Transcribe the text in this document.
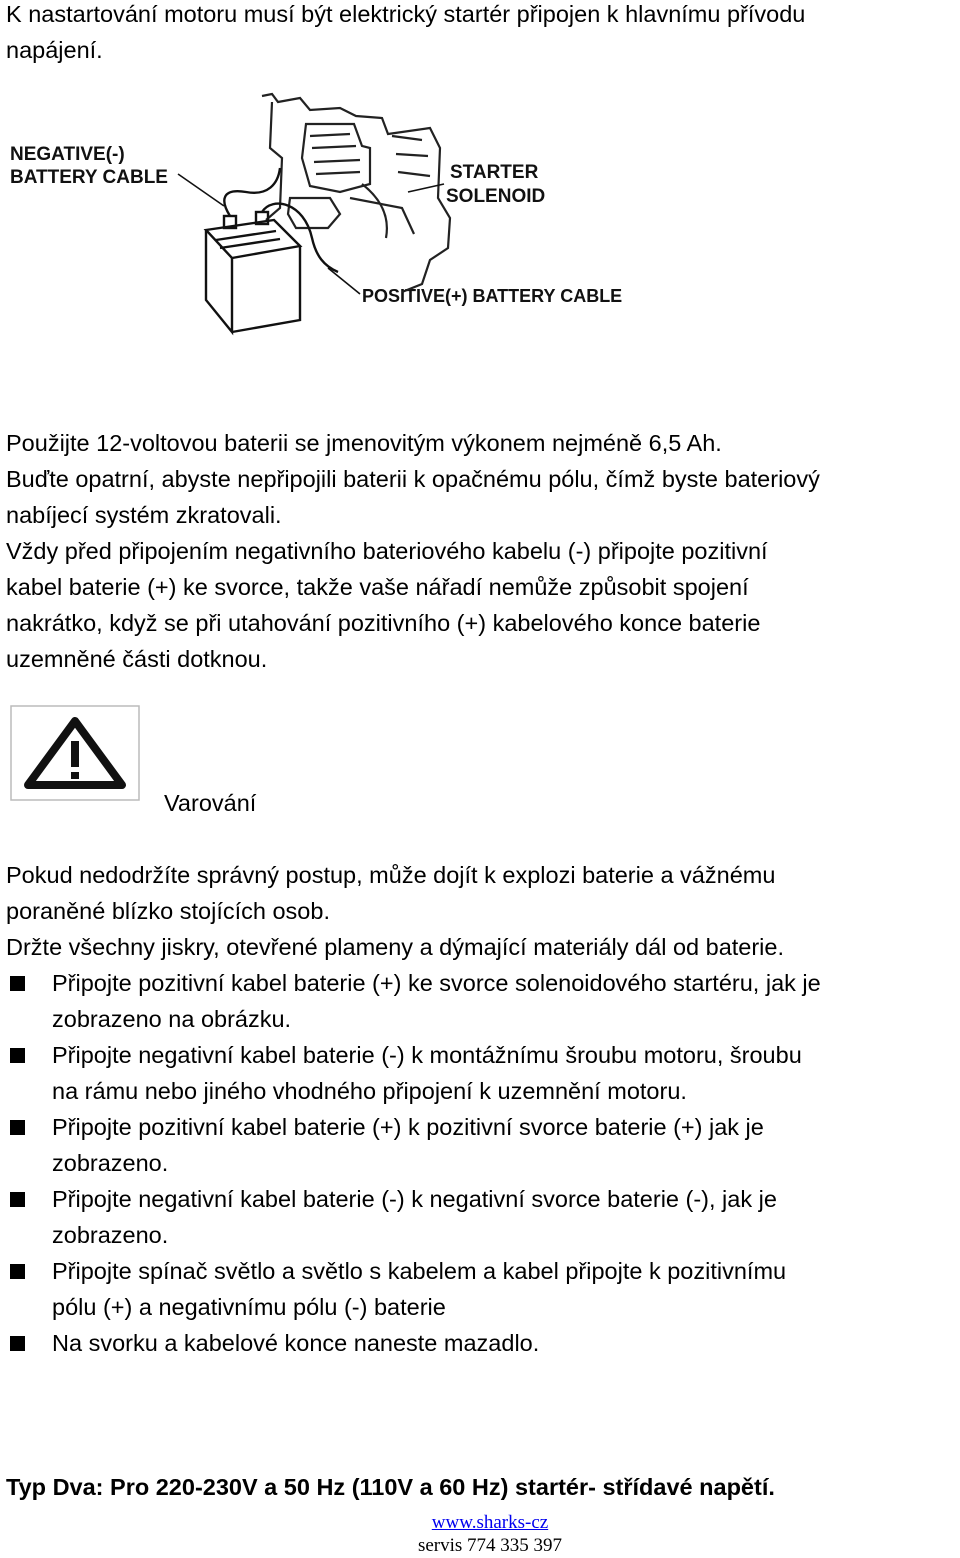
K nastartování motoru musí být elektrický startér připojen k hlavnímu přívodu
napájení.
NEGATIVE(-)
BATTERY CABLE	STARTER
SOLENOID
POSITIVE(+) BATTERY CABLE
Použijte 12-voltovou baterii se jmenovitým výkonem nejméně 6,5 Ah.
Buďte opatrní, abyste nepřipojili baterii k opačnému pólu, čímž byste bateriový
nabíjecí systém zkratovali.
Vždy před připojením negativního bateriového kabelu (-) připojte pozitivní
kabel baterie (+) ke svorce, takže vaše nářadí nemůže způsobit spojení
nakrátko, když se při utahování pozitivního (+) kabelového konce baterie
uzemněné části dotknou.
Varování
Pokud nedodržíte správný postup, může dojít k explozi baterie a vážnému
poraněné blízko stojících osob.
Držte všechny jiskry, otevřené plameny a dýmající materiály dál od baterie.
Připojte pozitivní kabel baterie (+) ke svorce solenoidového startéru, jak je
zobrazeno na obrázku.
Připojte negativní kabel baterie (-) k montážnímu šroubu motoru, šroubu
na rámu nebo jiného vhodného připojení k uzemnění motoru.
Připojte pozitivní kabel baterie (+) k pozitivní svorce baterie (+) jak je
zobrazeno.
Připojte negativní kabel baterie (-) k negativní svorce baterie (-), jak je
zobrazeno.
Připojte spínač světlo a světlo s kabelem a kabel připojte k pozitivnímu
pólu (+) a negativnímu pólu (-) baterie
Na svorku a kabelové konce naneste mazadlo.
Typ Dva: Pro 220-230V a 50 Hz (110V a 60 Hz) startér- střídavé napětí.
www.sharks-cz
servis 774 335 397
